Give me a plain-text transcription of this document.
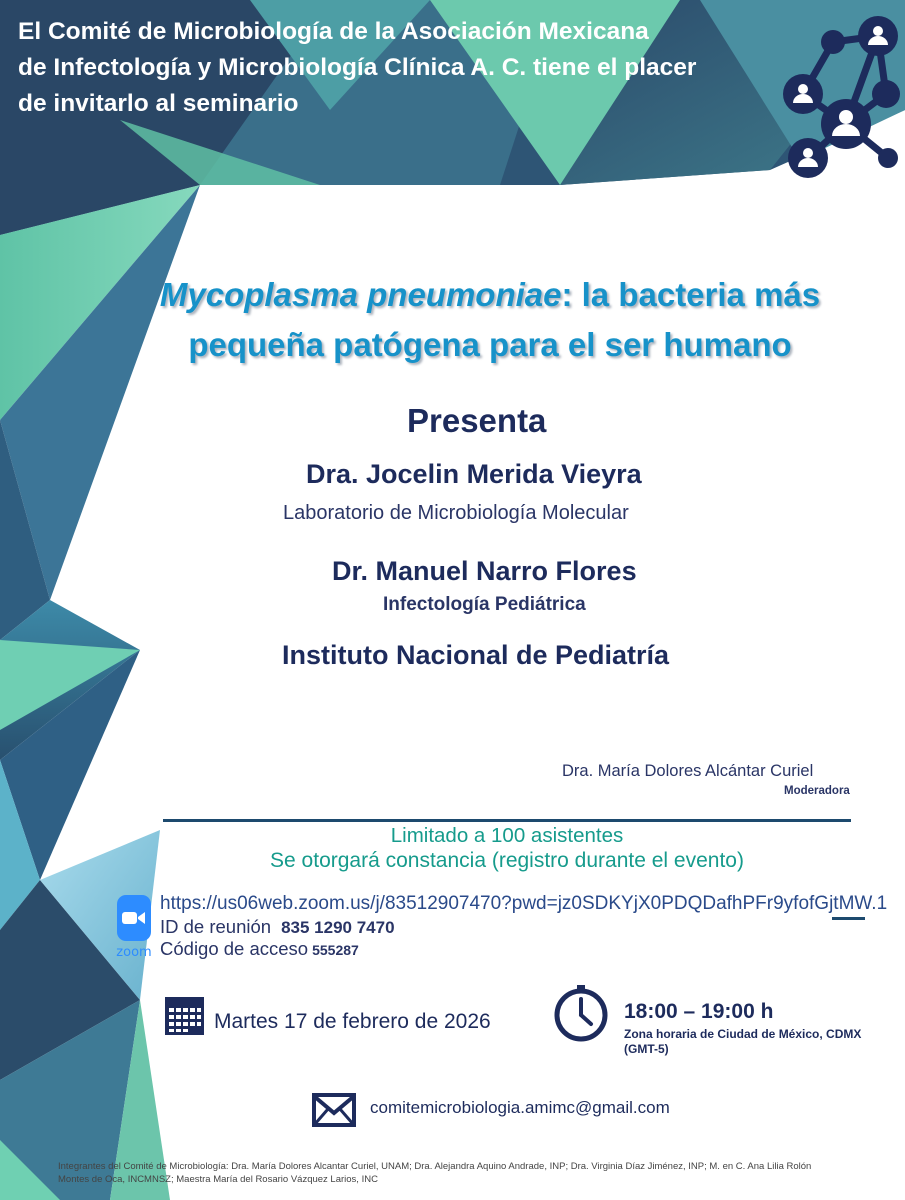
El Comité de Microbiología de la Asociación Mexicana
de Infectología y Microbiología Clínica A. C. tiene el placer
de invitarlo al seminario
Mycoplasma pneumoniae: la bacteria más
pequeña patógena para el ser humano
Presenta
Dra. Jocelin Merida Vieyra
Laboratorio de Microbiología Molecular
Dr. Manuel Narro Flores
Infectología Pediátrica
Instituto Nacional de Pediatría
Dra. María Dolores Alcántar Curiel
Moderadora
Limitado a 100 asistentes
Se otorgará constancia (registro durante el evento)
zoom
https://us06web.zoom.us/j/83512907470?pwd=jz0SDKYjX0PDQDafhPFr9yfofGjtMW.1
ID de reunión 835 1290 7470
Código de acceso 555287
Martes 17 de febrero de 2026	18:00 – 19:00 h
Zona horaria de Ciudad de México, CDMX
(GMT-5)
comitemicrobiologia.amimc@gmail.com
Integrantes del Comité de Microbiología: Dra. María Dolores Alcantar Curiel, UNAM; Dra. Alejandra Aquino Andrade, INP; Dra. Virginia Díaz Jiménez, INP; M. en C. Ana Lilia Rolón
Montes de Oca, INCMNSZ; Maestra María del Rosario Vázquez Larios, INC
